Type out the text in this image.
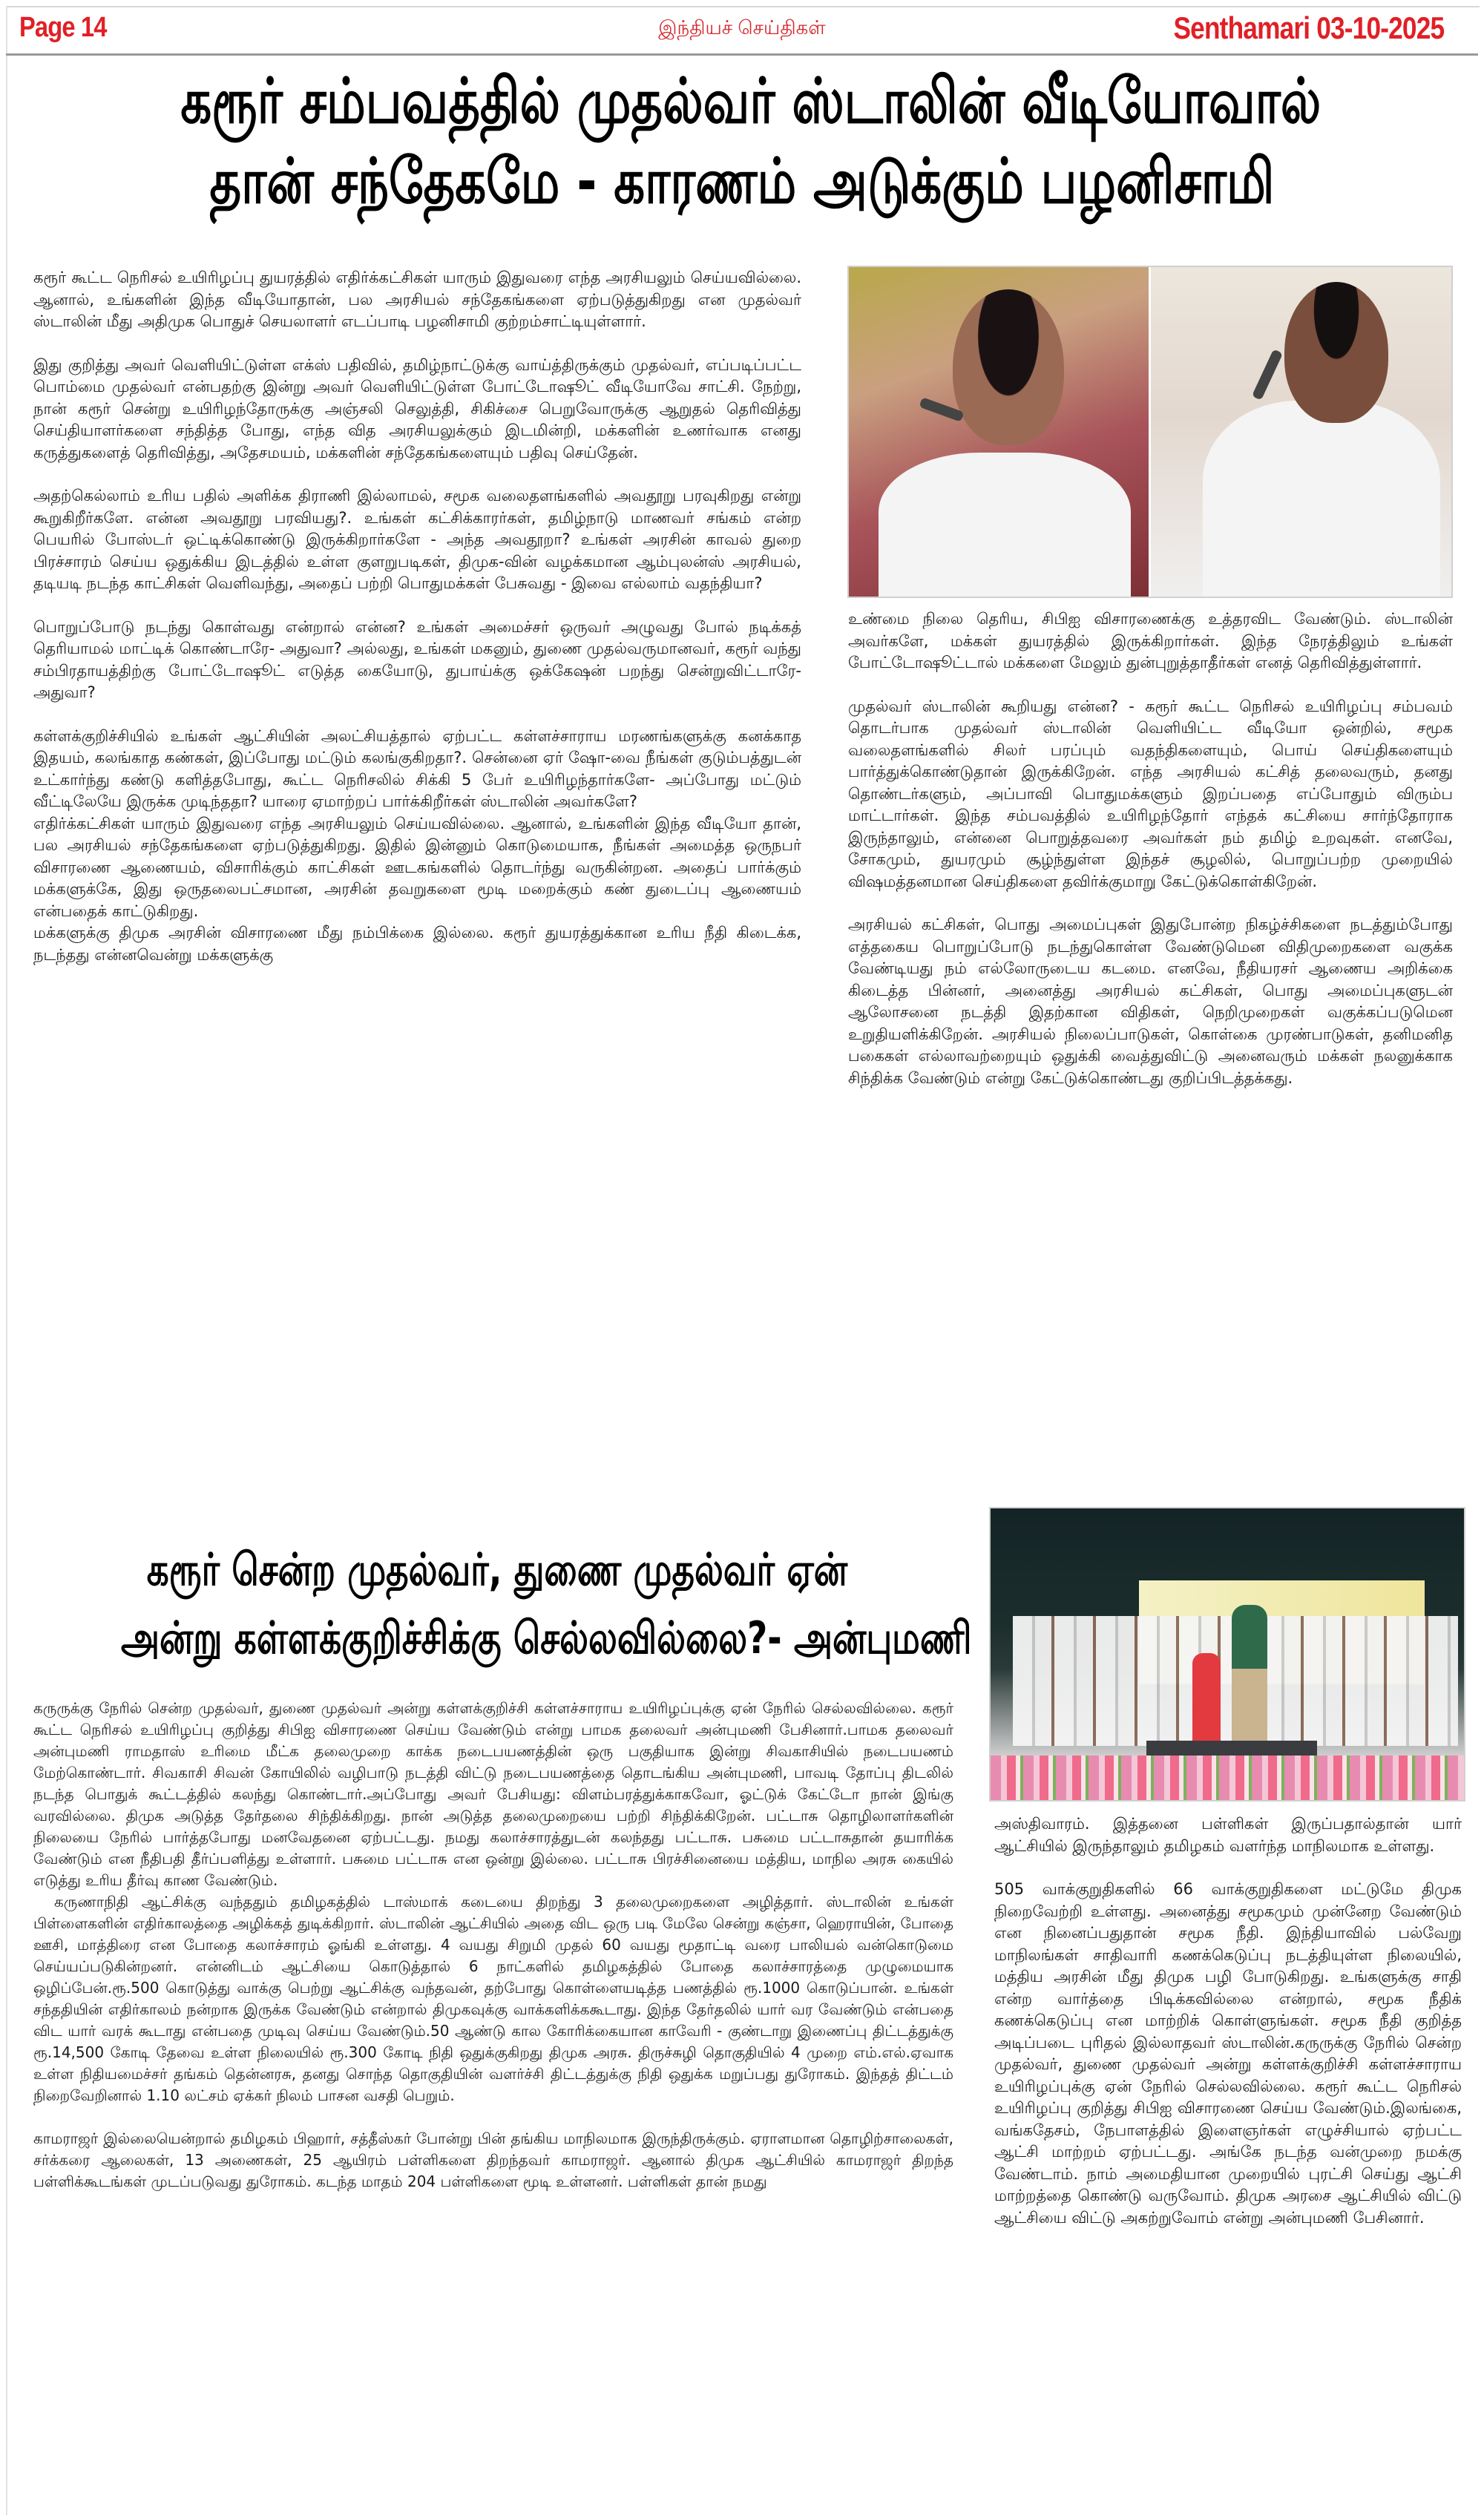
Page 14	இந்தியச் செய்திகள்	Senthamari 03-10-2025
கரூர் சம்பவத்தில் முதல்வர் ஸ்டாலின் வீடியோவால்
தான் சந்தேகமே - காரணம் அடுக்கும் பழனிசாமி

கரூர் கூட்ட நெரிசல் உயிரிழப்பு துயரத்தில் எதிர்க்கட்சிகள் யாரும் இதுவரை எந்த அரசியலும் செய்யவில்லை. ஆனால், உங்களின் இந்த வீடியோதான், பல அரசியல் சந்தேகங்களை ஏற்படுத்துகிறது என முதல்வர் ஸ்டாலின் மீது அதிமுக பொதுச் செயலாளர் எடப்பாடி பழனிசாமி குற்றம்சாட்டியுள்ளார்.

இது குறித்து அவர் வெளியிட்டுள்ள எக்ஸ் பதிவில், தமிழ்நாட்டுக்கு வாய்த்திருக்கும் முதல்வர், எப்படிப்பட்ட பொம்மை முதல்வர் என்பதற்கு இன்று அவர் வெளியிட்டுள்ள போட்டோஷூட் வீடியோவே சாட்சி. நேற்று, நான் கரூர் சென்று உயிரிழந்தோருக்கு அஞ்சலி செலுத்தி, சிகிச்சை பெறுவோருக்கு ஆறுதல் தெரிவித்து செய்தியாளர்களை சந்தித்த போது, எந்த வித அரசியலுக்கும் இடமின்றி, மக்களின் உணர்வாக எனது கருத்துகளைத் தெரிவித்து, அதேசமயம், மக்களின் சந்தேகங்களையும் பதிவு செய்தேன்.

அதற்கெல்லாம் உரிய பதில் அளிக்க திராணி இல்லாமல், சமூக வலைதளங்களில் அவதூறு பரவுகிறது என்று கூறுகிறீர்களே. என்ன அவதூறு பரவியது?. உங்கள் கட்சிக்காரர்கள், தமிழ்நாடு மாணவர் சங்கம் என்ற பெயரில் போஸ்டர் ஒட்டிக்கொண்டு இருக்கிறார்களே - அந்த அவதூறா? உங்கள் அரசின் காவல் துறை பிரச்சாரம் செய்ய ஒதுக்கிய இடத்தில் உள்ள குளறுபடிகள், திமுக-வின் வழக்கமான ஆம்புலன்ஸ் அரசியல், தடியடி நடந்த காட்சிகள் வெளிவந்து, அதைப் பற்றி பொதுமக்கள் பேசுவது - இவை எல்லாம் வதந்தியா?

பொறுப்போடு நடந்து கொள்வது என்றால் என்ன? உங்கள் அமைச்சர் ஒருவர் அழுவது போல் நடிக்கத் தெரியாமல் மாட்டிக் கொண்டாரே- அதுவா? அல்லது, உங்கள் மகனும், துணை முதல்வருமானவர், கரூர் வந்து சம்பிரதாயத்திற்கு போட்டோஷூட் எடுத்த கையோடு, துபாய்க்கு ஒக்கேஷன் பறந்து சென்றுவிட்டாரே- அதுவா?

கள்ளக்குறிச்சியில் உங்கள் ஆட்சியின் அலட்சியத்தால் ஏற்பட்ட கள்ளச்சாராய மரணங்களுக்கு கனக்காத இதயம், கலங்காத கண்கள், இப்போது மட்டும் கலங்குகிறதா?. சென்னை ஏர் ஷோ-வை நீங்கள் குடும்பத்துடன் உட்கார்ந்து கண்டு களித்தபோது, கூட்ட நெரிசலில் சிக்கி 5 பேர் உயிரிழந்தார்களே- அப்போது மட்டும் வீட்டிலேயே இருக்க முடிந்ததா? யாரை ஏமாற்றப் பார்க்கிறீர்கள் ஸ்டாலின் அவர்களே?

எதிர்க்கட்சிகள் யாரும் இதுவரை எந்த அரசியலும் செய்யவில்லை. ஆனால், உங்களின் இந்த வீடியோ தான், பல அரசியல் சந்தேகங்களை ஏற்படுத்துகிறது. இதில் இன்னும் கொடுமையாக, நீங்கள் அமைத்த ஒருநபர் விசாரணை ஆணையம், விசாரிக்கும் காட்சிகள் ஊடகங்களில் தொடர்ந்து வருகின்றன. அதைப் பார்க்கும் மக்களுக்கே, இது ஒருதலைபட்சமான, அரசின் தவறுகளை மூடி மறைக்கும் கண் துடைப்பு ஆணையம் என்பதைக் காட்டுகிறது.

மக்களுக்கு திமுக அரசின் விசாரணை மீது நம்பிக்கை இல்லை. கரூர் துயரத்துக்கான உரிய நீதி கிடைக்க, நடந்தது என்னவென்று மக்களுக்கு

உண்மை நிலை தெரிய, சிபிஐ விசாரணைக்கு உத்தரவிட வேண்டும். ஸ்டாலின் அவர்களே, மக்கள் துயரத்தில் இருக்கிறார்கள். இந்த நேரத்திலும் உங்கள் போட்டோஷூட்டால் மக்களை மேலும் துன்புறுத்தாதீர்கள் எனத் தெரிவித்துள்ளார்.

முதல்வர் ஸ்டாலின் கூறியது என்ன? - கரூர் கூட்ட நெரிசல் உயிரிழப்பு சம்பவம் தொடர்பாக முதல்வர் ஸ்டாலின் வெளியிட்ட வீடியோ ஒன்றில், சமூக வலைதளங்களில் சிலர் பரப்பும் வதந்திகளையும், பொய் செய்திகளையும் பார்த்துக்கொண்டுதான் இருக்கிறேன். எந்த அரசியல் கட்சித் தலைவரும், தனது தொண்டர்களும், அப்பாவி பொதுமக்களும் இறப்பதை எப்போதும் விரும்ப மாட்டார்கள். இந்த சம்பவத்தில் உயிரிழந்தோர் எந்தக் கட்சியை சார்ந்தோராக இருந்தாலும், என்னை பொறுத்தவரை அவர்கள் நம் தமிழ் உறவுகள். எனவே, சோகமும், துயரமும் சூழ்ந்துள்ள இந்தச் சூழலில், பொறுப்பற்ற முறையில் விஷமத்தனமான செய்திகளை தவிர்க்குமாறு கேட்டுக்கொள்கிறேன்.

அரசியல் கட்சிகள், பொது அமைப்புகள் இதுபோன்ற நிகழ்ச்சிகளை நடத்தும்போது எத்தகைய பொறுப்போடு நடந்துகொள்ள வேண்டுமென விதிமுறைகளை வகுக்க வேண்டியது நம் எல்லோருடைய கடமை. எனவே, நீதியரசர் ஆணைய அறிக்கை கிடைத்த பின்னர், அனைத்து அரசியல் கட்சிகள், பொது அமைப்புகளுடன் ஆலோசனை நடத்தி இதற்கான விதிகள், நெறிமுறைகள் வகுக்கப்படுமென உறுதியளிக்கிறேன். அரசியல் நிலைப்பாடுகள், கொள்கை முரண்பாடுகள், தனிமனித பகைகள் எல்லாவற்றையும் ஒதுக்கி வைத்துவிட்டு அனைவரும் மக்கள் நலனுக்காக சிந்திக்க வேண்டும் என்று கேட்டுக்கொண்டது குறிப்பிடத்தக்கது.

கரூர் சென்ற முதல்வர், துணை முதல்வர் ஏன்
அன்று கள்ளக்குறிச்சிக்கு செல்லவில்லை?- அன்புமணி

கருருக்கு நேரில் சென்ற முதல்வர், துணை முதல்வர் அன்று கள்ளக்குறிச்சி கள்ளச்சாராய உயிரிழப்புக்கு ஏன் நேரில் செல்லவில்லை. கரூர் கூட்ட நெரிசல் உயிரிழப்பு குறித்து சிபிஐ விசாரணை செய்ய வேண்டும் என்று பாமக தலைவர் அன்புமணி பேசினார்.பாமக தலைவர் அன்புமணி ராமதாஸ் உரிமை மீட்க தலைமுறை காக்க நடைபயணத்தின் ஒரு பகுதியாக இன்று சிவகாசியில் நடைபயணம் மேற்கொண்டார். சிவகாசி சிவன் கோயிலில் வழிபாடு நடத்தி விட்டு நடைபயணத்தை தொடங்கிய அன்புமணி, பாவடி தோப்பு திடலில் நடந்த பொதுக் கூட்டத்தில் கலந்து கொண்டார்.அப்போது அவர் பேசியது: விளம்பரத்துக்காகவோ, ஓட்டுக் கேட்டோ நான் இங்கு வரவில்லை. திமுக அடுத்த தேர்தலை சிந்திக்கிறது. நான் அடுத்த தலைமுறையை பற்றி சிந்திக்கிறேன். பட்டாசு தொழிலாளர்களின் நிலையை நேரில் பார்த்தபோது மனவேதனை ஏற்பட்டது. நமது கலாச்சாரத்துடன் கலந்தது பட்டாசு. பசுமை பட்டாசுதான் தயாரிக்க வேண்டும் என நீதிபதி தீர்ப்பளித்து உள்ளார். பசுமை பட்டாசு என ஒன்று இல்லை. பட்டாசு பிரச்சினையை மத்திய, மாநில அரசு கையில் எடுத்து உரிய தீர்வு காண வேண்டும்.

கருணாநிதி ஆட்சிக்கு வந்ததும் தமிழகத்தில் டாஸ்மாக் கடையை திறந்து 3 தலைமுறைகளை அழித்தார். ஸ்டாலின் உங்கள் பிள்ளைகளின் எதிர்காலத்தை அழிக்கத் துடிக்கிறார். ஸ்டாலின் ஆட்சியில் அதை விட ஒரு படி மேலே சென்று கஞ்சா, ஹெராயின், போதை ஊசி, மாத்திரை என போதை கலாச்சாரம் ஓங்கி உள்ளது. 4 வயது சிறுமி முதல் 60 வயது மூதாட்டி வரை பாலியல் வன்கொடுமை செய்யப்படுகின்றனர். என்னிடம் ஆட்சியை கொடுத்தால் 6 நாட்களில் தமிழகத்தில் போதை கலாச்சாரத்தை முழுமையாக ஒழிப்பேன்.ரூ.500 கொடுத்து வாக்கு பெற்று ஆட்சிக்கு வந்தவன், தற்போது கொள்ளையடித்த பணத்தில் ரூ.1000 கொடுப்பான். உங்கள் சந்ததியின் எதிர்காலம் நன்றாக இருக்க வேண்டும் என்றால் திமுகவுக்கு வாக்களிக்ககூடாது. இந்த தேர்தலில் யார் வர வேண்டும் என்பதை விட யார் வரக் கூடாது என்பதை முடிவு செய்ய வேண்டும்.50 ஆண்டு கால கோரிக்கையான காவேரி - குண்டாறு இணைப்பு திட்டத்துக்கு ரூ.14,500 கோடி தேவை உள்ள நிலையில் ரூ.300 கோடி நிதி ஒதுக்குகிறது திமுக அரசு. திருச்சுழி தொகுதியில் 4 முறை எம்.எல்.ஏவாக உள்ள நிதியமைச்சர் தங்கம் தென்னரசு, தனது சொந்த தொகுதியின் வளர்ச்சி திட்டத்துக்கு நிதி ஒதுக்க மறுப்பது துரோகம். இந்தத் திட்டம் நிறைவேறினால் 1.10 லட்சம் ஏக்கர் நிலம் பாசன வசதி பெறும்.

காமராஜர் இல்லையென்றால் தமிழகம் பிஹார், சத்தீஸ்கர் போன்று பின் தங்கிய மாநிலமாக இருந்திருக்கும். ஏராளமான தொழிற்சாலைகள், சர்க்கரை ஆலைகள், 13 அணைகள், 25 ஆயிரம் பள்ளிகளை திறந்தவர் காமராஜர். ஆனால் திமுக ஆட்சியில் காமராஜர் திறந்த பள்ளிக்கூடங்கள் முடப்படுவது துரோகம். கடந்த மாதம் 204 பள்ளிகளை மூடி உள்ளனர். பள்ளிகள் தான் நமது

அஸ்திவாரம். இத்தனை பள்ளிகள் இருப்பதால்தான் யார் ஆட்சியில் இருந்தாலும் தமிழகம் வளர்ந்த மாநிலமாக உள்ளது.

505 வாக்குறுதிகளில் 66 வாக்குறுதிகளை மட்டுமே திமுக நிறைவேற்றி உள்ளது. அனைத்து சமூகமும் முன்னேற வேண்டும் என நினைப்பதுதான் சமூக நீதி. இந்தியாவில் பல்வேறு மாநிலங்கள் சாதிவாரி கணக்கெடுப்பு நடத்தியுள்ள நிலையில், மத்திய அரசின் மீது திமுக பழி போடுகிறது. உங்களுக்கு சாதி என்ற வார்த்தை பிடிக்கவில்லை என்றால், சமூக நீதிக் கணக்கெடுப்பு என மாற்றிக் கொள்ளுங்கள். சமூக நீதி குறித்த அடிப்படை புரிதல் இல்லாதவர் ஸ்டாலின்.கருருக்கு நேரில் சென்ற முதல்வர், துணை முதல்வர் அன்று கள்ளக்குறிச்சி கள்ளச்சாராய உயிரிழப்புக்கு ஏன் நேரில் செல்லவில்லை. கரூர் கூட்ட நெரிசல் உயிரிழப்பு குறித்து சிபிஐ விசாரணை செய்ய வேண்டும்.இலங்கை, வங்கதேசம், நேபாளத்தில் இளைஞர்கள் எழுச்சியால் ஏற்பட்ட ஆட்சி மாற்றம் ஏற்பட்டது. அங்கே நடந்த வன்முறை நமக்கு வேண்டாம். நாம் அமைதியான முறையில் புரட்சி செய்து ஆட்சி மாற்றத்தை கொண்டு வருவோம். திமுக அரசை ஆட்சியில் விட்டு ஆட்சியை விட்டு அகற்றுவோம் என்று அன்புமணி பேசினார்.
